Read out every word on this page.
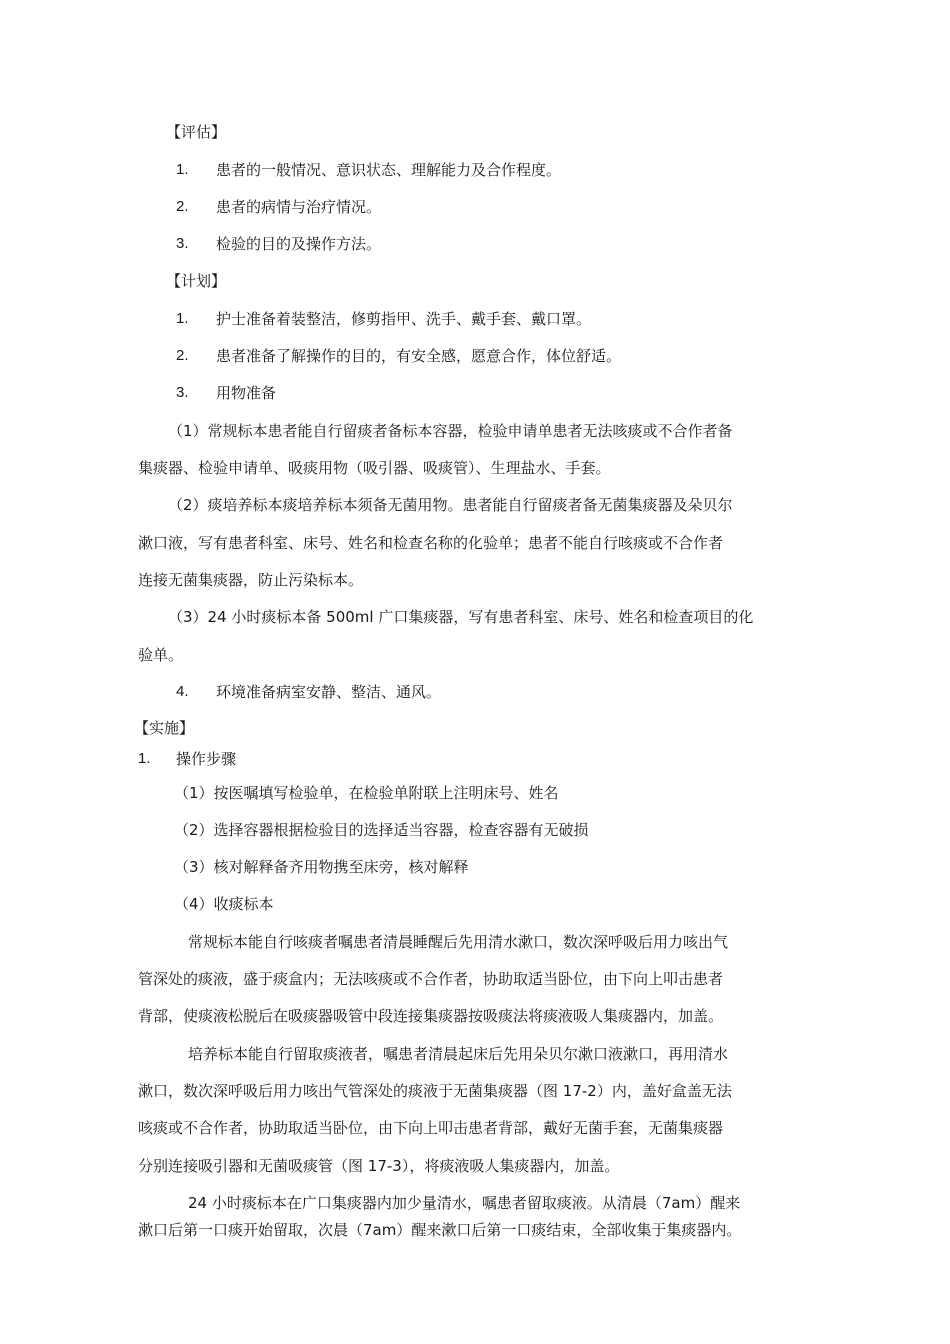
【评估】
1. 患者的一般情况、意识状态、理解能力及合作程度。
2. 患者的病情与治疗情况。
3. 检验的目的及操作方法。
【计划】
1. 护士准备着装整洁，修剪指甲、洗手、戴手套、戴口罩。
2. 患者准备了解操作的目的，有安全感，愿意合作，体位舒适。
3. 用物准备
（1）常规标本患者能自行留痰者备标本容器，检验申请单患者无法咳痰或不合作者备
集痰器、检验申请单、吸痰用物（吸引器、吸痰管）、生理盐水、手套。
（2）痰培养标本痰培养标本须备无菌用物。患者能自行留痰者备无菌集痰器及朵贝尔
漱口液，写有患者科室、床号、姓名和检查名称的化验单；患者不能自行咳痰或不合作者
连接无菌集痰器，防止污染标本。
（3）24 小时痰标本备 500ml 广口集痰器，写有患者科室、床号、姓名和检查项目的化
验单。
4. 环境准备病室安静、整洁、通风。
【实施】
1. 操作步骤
（1）按医嘱填写检验单，在检验单附联上注明床号、姓名
（2）选择容器根据检验目的选择适当容器，检查容器有无破损
（3）核对解释备齐用物携至床旁，核对解释
（4）收痰标本
常规标本能自行咳痰者嘱患者清晨睡醒后先用清水漱口，数次深呼吸后用力咳出气
管深处的痰液，盛于痰盒内；无法咳痰或不合作者，协助取适当卧位，由下向上叩击患者
背部，使痰液松脱后在吸痰器吸管中段连接集痰器按吸痰法将痰液吸人集痰器内，加盖。
培养标本能自行留取痰液者，嘱患者清晨起床后先用朵贝尔漱口液漱口，再用清水
漱口，数次深呼吸后用力咳出气管深处的痰液于无菌集痰器（图 17-2）内，盖好盒盖无法
咳痰或不合作者，协助取适当卧位，由下向上叩击患者背部，戴好无菌手套，无菌集痰器
分别连接吸引器和无菌吸痰管（图 17-3），将痰液吸人集痰器内，加盖。
24 小时痰标本在广口集痰器内加少量清水，嘱患者留取痰液。从清晨（7am）醒来
漱口后第一口痰开始留取，次晨（7am）醒来漱口后第一口痰结束，全部收集于集痰器内。
